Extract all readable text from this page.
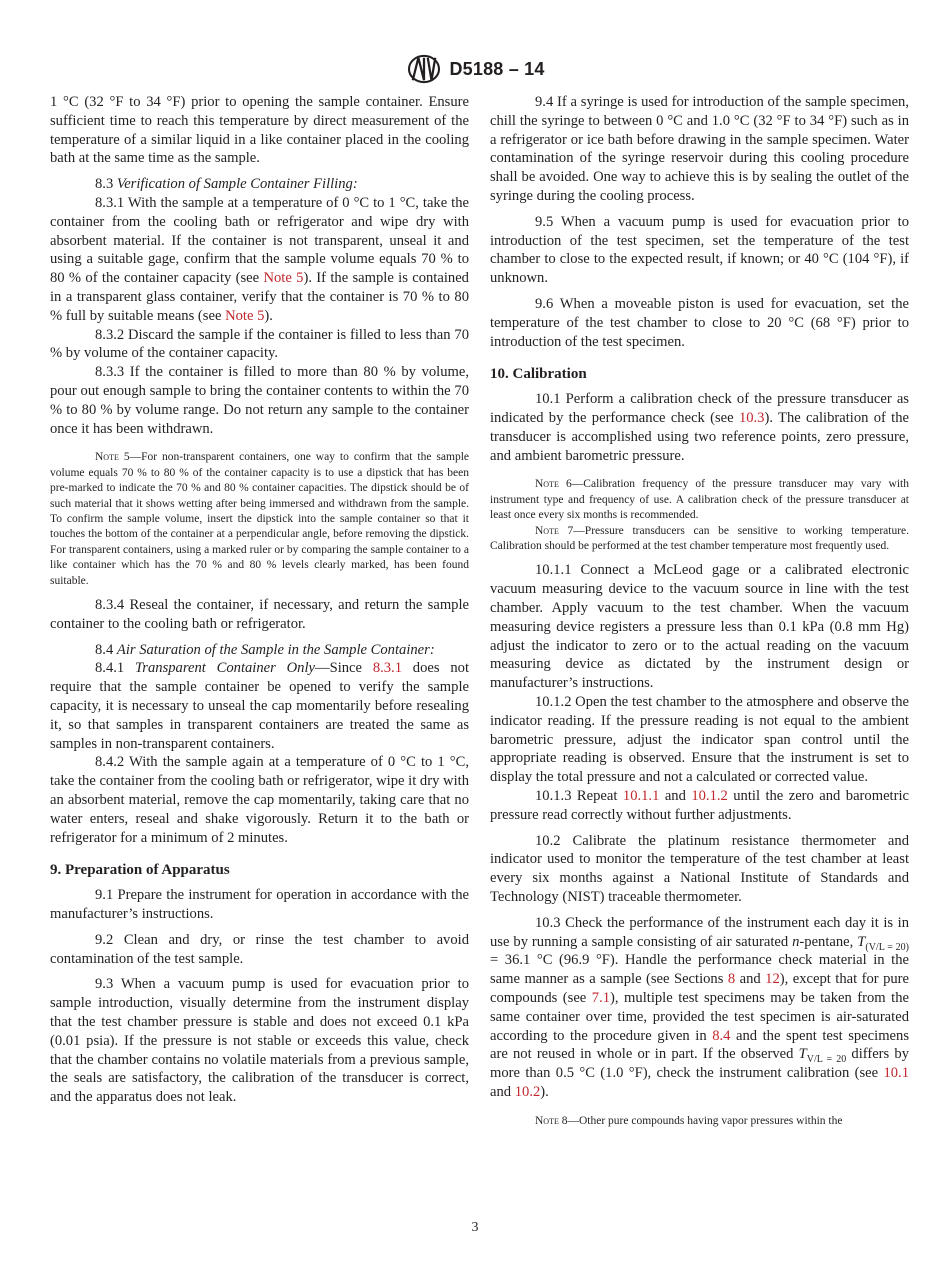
D5188 – 14

1 °C (32 °F to 34 °F) prior to opening the sample container. Ensure sufficient time to reach this temperature by direct measurement of the temperature of a similar liquid in a like container placed in the cooling bath at the same time as the sample.

8.3 Verification of Sample Container Filling:

8.3.1 With the sample at a temperature of 0 °C to 1 °C, take the container from the cooling bath or refrigerator and wipe dry with absorbent material. If the container is not transparent, unseal it and using a suitable gage, confirm that the sample volume equals 70 % to 80 % of the container capacity (see Note 5). If the sample is contained in a transparent glass container, verify that the container is 70 % to 80 % full by suitable means (see Note 5).

8.3.2 Discard the sample if the container is filled to less than 70 % by volume of the container capacity.

8.3.3 If the container is filled to more than 80 % by volume, pour out enough sample to bring the container contents to within the 70 % to 80 % by volume range. Do not return any sample to the container once it has been withdrawn.

Note 5—For non-transparent containers, one way to confirm that the sample volume equals 70 % to 80 % of the container capacity is to use a dipstick that has been pre-marked to indicate the 70 % and 80 % container capacities. The dipstick should be of such material that it shows wetting after being immersed and withdrawn from the sample. To confirm the sample volume, insert the dipstick into the sample container so that it touches the bottom of the container at a perpendicular angle, before removing the dipstick. For transparent containers, using a marked ruler or by comparing the sample container to a like container which has the 70 % and 80 % levels clearly marked, has been found suitable.

8.3.4 Reseal the container, if necessary, and return the sample container to the cooling bath or refrigerator.

8.4 Air Saturation of the Sample in the Sample Container:

8.4.1 Transparent Container Only—Since 8.3.1 does not require that the sample container be opened to verify the sample capacity, it is necessary to unseal the cap momentarily before resealing it, so that samples in transparent containers are treated the same as samples in non-transparent containers.

8.4.2 With the sample again at a temperature of 0 °C to 1 °C, take the container from the cooling bath or refrigerator, wipe it dry with an absorbent material, remove the cap momentarily, taking care that no water enters, reseal and shake vigorously. Return it to the bath or refrigerator for a minimum of 2 minutes.

9. Preparation of Apparatus

9.1 Prepare the instrument for operation in accordance with the manufacturer’s instructions.

9.2 Clean and dry, or rinse the test chamber to avoid contamination of the test sample.

9.3 When a vacuum pump is used for evacuation prior to sample introduction, visually determine from the instrument display that the test chamber pressure is stable and does not exceed 0.1 kPa (0.01 psia). If the pressure is not stable or exceeds this value, check that the chamber contains no volatile materials from a previous sample, the seals are satisfactory, the calibration of the transducer is correct, and the apparatus does not leak.

9.4 If a syringe is used for introduction of the sample specimen, chill the syringe to between 0 °C and 1.0 °C (32 °F to 34 °F) such as in a refrigerator or ice bath before drawing in the sample specimen. Water contamination of the syringe reservoir during this cooling procedure shall be avoided. One way to achieve this is by sealing the outlet of the syringe during the cooling process.

9.5 When a vacuum pump is used for evacuation prior to introduction of the test specimen, set the temperature of the test chamber to close to the expected result, if known; or 40 °C (104 °F), if unknown.

9.6 When a moveable piston is used for evacuation, set the temperature of the test chamber to close to 20 °C (68 °F) prior to introduction of the test specimen.

10. Calibration

10.1 Perform a calibration check of the pressure transducer as indicated by the performance check (see 10.3). The calibration of the transducer is accomplished using two reference points, zero pressure, and ambient barometric pressure.

Note 6—Calibration frequency of the pressure transducer may vary with instrument type and frequency of use. A calibration check of the pressure transducer at least once every six months is recommended.

Note 7—Pressure transducers can be sensitive to working temperature. Calibration should be performed at the test chamber temperature most frequently used.

10.1.1 Connect a McLeod gage or a calibrated electronic vacuum measuring device to the vacuum source in line with the test chamber. Apply vacuum to the test chamber. When the vacuum measuring device registers a pressure less than 0.1 kPa (0.8 mm Hg) adjust the indicator to zero or to the actual reading on the vacuum measuring device as dictated by the instrument design or manufacturer’s instructions.

10.1.2 Open the test chamber to the atmosphere and observe the indicator reading. If the pressure reading is not equal to the ambient barometric pressure, adjust the indicator span control until the appropriate reading is observed. Ensure that the instrument is set to display the total pressure and not a calculated or corrected value.

10.1.3 Repeat 10.1.1 and 10.1.2 until the zero and barometric pressure read correctly without further adjustments.

10.2 Calibrate the platinum resistance thermometer and indicator used to monitor the temperature of the test chamber at least every six months against a National Institute of Standards and Technology (NIST) traceable thermometer.

10.3 Check the performance of the instrument each day it is in use by running a sample consisting of air saturated n-pentane, $T_{(V/L = 20)} = 36.1$ °C (96.9 °F). Handle the performance check material in the same manner as a sample (see Sections 8 and 12), except that for pure compounds (see 7.1), multiple test specimens may be taken from the same container over time, provided the test specimen is air-saturated according to the procedure given in 8.4 and the spent test specimens are not reused in whole or in part. If the observed $T_{V/L = 20}$ differs by more than 0.5 °C (1.0 °F), check the instrument calibration (see 10.1 and 10.2).

Note 8—Other pure compounds having vapor pressures within the

3
